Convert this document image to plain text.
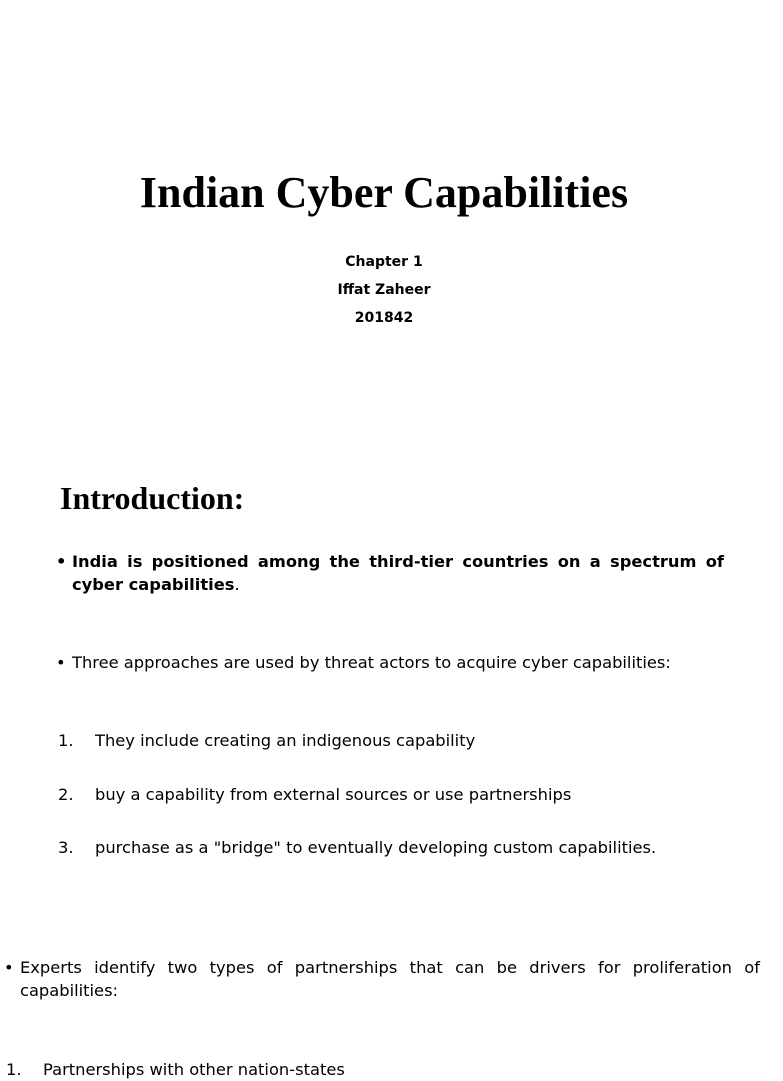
Indian Cyber Capabilities
Chapter 1
Iffat Zaheer
201842
Introduction:
• India is positioned among the third-tier countries on a spectrum of cyber capabilities.
• Three approaches are used by threat actors to acquire cyber capabilities:
1. They include creating an indigenous capability
2. buy a capability from external sources or use partnerships
3. purchase as a "bridge" to eventually developing custom capabilities.
• Experts identify two types of partnerships that can be drivers for proliferation of capabilities:
1. Partnerships with other nation-states
